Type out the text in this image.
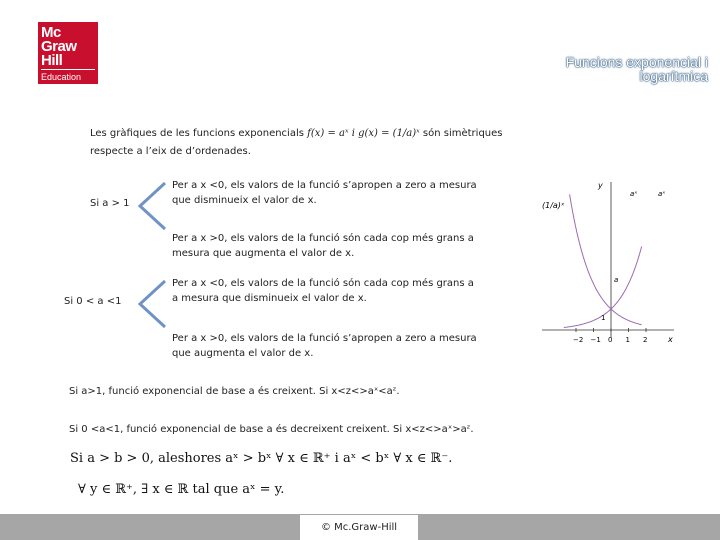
Mc
Graw
Hill
Education
Funcions exponencial i
logarítmica
Les gràfiques de les funcions exponencials f(x) = aˣ i g(x) = (1/a)ˣ són simètriques
respecte a l’eix de d’ordenades.
Si a > 1
Per a x <0, els valors de la funció s’apropen a zero a mesura
que disminueix el valor de x.
Per a x >0, els valors de la funció són cada cop més grans a
mesura que augmenta el valor de x.
Si 0 < a <1
Per a x <0, els valors de la funció són cada cop més grans a
a mesura que disminueix el valor de x.
Per a x >0, els valors de la funció s’apropen a zero a mesura
que augmenta el valor de x.
Si a>1, funció exponencial de base a és creixent. Si x<z<>aˣ<aᶻ.
Si 0 <a<1, funció exponencial de base a és decreixent creixent. Si x<z<>aˣ>aᶻ.
Si a > b > 0, aleshores aˣ > bˣ ∀ x ∈ ℝ⁺ i aˣ < bˣ ∀ x ∈ ℝ⁻.
∀ y ∈ ℝ⁺, ∃ x ∈ ℝ tal que aˣ = y.
(1/a)ˣ
y
aˣ	aˣ
a
1
x
−2 −1 0 1 2
© Mc.Graw-Hill
